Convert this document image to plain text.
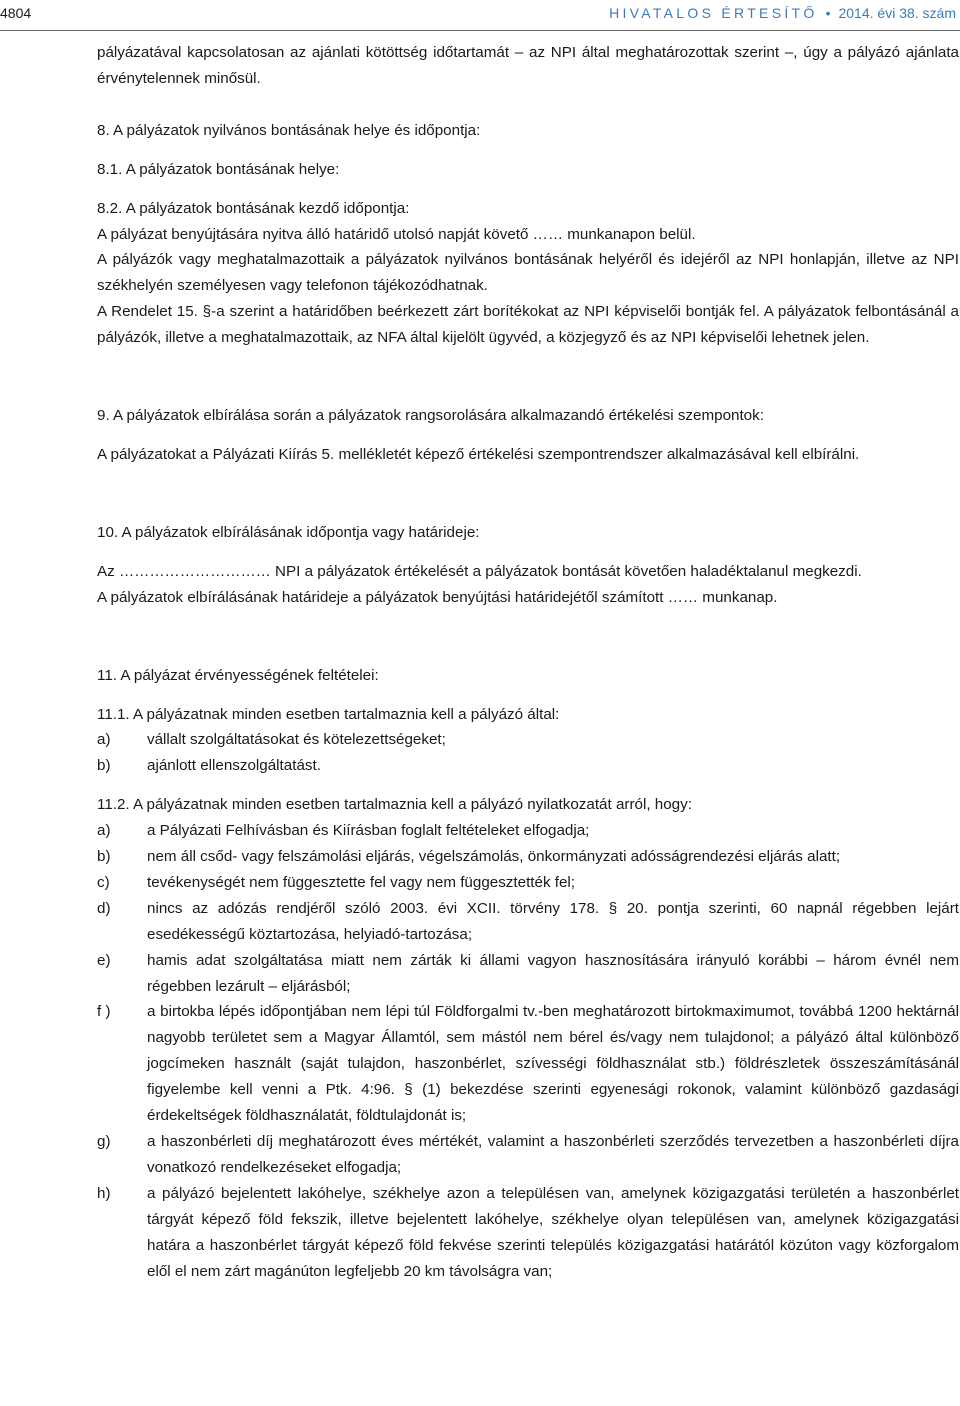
4804	HIVATALOS ÉRTESÍTŐ • 2014. évi 38. szám

pályázatával kapcsolatosan az ajánlati kötöttség időtartamát – az NPI által meghatározottak szerint –, úgy a pályázó ajánlata érvénytelennek minősül.

8. A pályázatok nyilvános bontásának helye és időpontja:

8.1. A pályázatok bontásának helye:

8.2. A pályázatok bontásának kezdő időpontja:

A pályázat benyújtására nyitva álló határidő utolsó napját követő …… munkanapon belül.

A pályázók vagy meghatalmazottaik a pályázatok nyilvános bontásának helyéről és idejéről az NPI honlapján, illetve az NPI székhelyén személyesen vagy telefonon tájékozódhatnak.

A Rendelet 15. §-a szerint a határidőben beérkezett zárt borítékokat az NPI képviselői bontják fel. A pályázatok felbontásánál a pályázók, illetve a meghatalmazottaik, az NFA által kijelölt ügyvéd, a közjegyző és az NPI képviselői lehetnek jelen.

9. A pályázatok elbírálása során a pályázatok rangsorolására alkalmazandó értékelési szempontok:

A pályázatokat a Pályázati Kiírás 5. mellékletét képező értékelési szempontrendszer alkalmazásával kell elbírálni.

10. A pályázatok elbírálásának időpontja vagy határideje:

Az ………………………… NPI a pályázatok értékelését a pályázatok bontását követően haladéktalanul megkezdi.

A pályázatok elbírálásának határideje a pályázatok benyújtási határidejétől számított …… munkanap.

11. A pályázat érvényességének feltételei:

11.1. A pályázatnak minden esetben tartalmaznia kell a pályázó által:

a) vállalt szolgáltatásokat és kötelezettségeket;
b) ajánlott ellenszolgáltatást.

11.2. A pályázatnak minden esetben tartalmaznia kell a pályázó nyilatkozatát arról, hogy:

a) a Pályázati Felhívásban és Kiírásban foglalt feltételeket elfogadja;
b) nem áll csőd- vagy felszámolási eljárás, végelszámolás, önkormányzati adósságrendezési eljárás alatt;
c) tevékenységét nem függesztette fel vagy nem függesztették fel;
d) nincs az adózás rendjéről szóló 2003. évi XCII. törvény 178. § 20. pontja szerinti, 60 napnál régebben lejárt esedékességű köztartozása, helyiadó-tartozása;
e) hamis adat szolgáltatása miatt nem zárták ki állami vagyon hasznosítására irányuló korábbi – három évnél nem régebben lezárult – eljárásból;
f ) a birtokba lépés időpontjában nem lépi túl Földforgalmi tv.-ben meghatározott birtokmaximumot, továbbá 1200 hektárnál nagyobb területet sem a Magyar Államtól, sem mástól nem bérel és/vagy nem tulajdonol; a pályázó által különböző jogcímeken használt (saját tulajdon, haszonbérlet, szívességi földhasználat stb.) földrészletek összeszámításánál figyelembe kell venni a Ptk. 4:96. § (1) bekezdése szerinti egyenesági rokonok, valamint különböző gazdasági érdekeltségek földhasználatát, földtulajdonát is;
g) a haszonbérleti díj meghatározott éves mértékét, valamint a haszonbérleti szerződés tervezetben a haszonbérleti díjra vonatkozó rendelkezéseket elfogadja;
h) a pályázó bejelentett lakóhelye, székhelye azon a településen van, amelynek közigazgatási területén a haszonbérlet tárgyát képező föld fekszik, illetve bejelentett lakóhelye, székhelye olyan településen van, amelynek közigazgatási határa a haszonbérlet tárgyát képező föld fekvése szerinti település közigazgatási határától közúton vagy közforgalom elől el nem zárt magánúton legfeljebb 20 km távolságra van;
